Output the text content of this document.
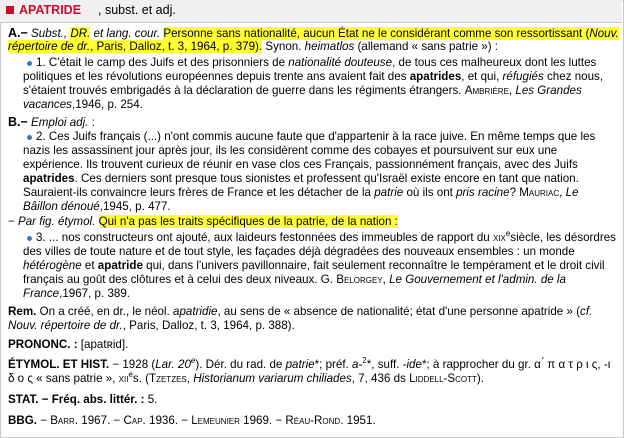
APATRIDE , subst. et adj.
A.− Subst., DR. et lang. cour. Personne sans nationalité, aucun État ne le considérant comme son ressortissant (Nouv.
répertoire de dr., Paris, Dalloz, t. 3, 1964, p. 379). Synon. heimatlos (allemand « sans patrie ») :
1. C'était le camp des Juifs et des prisonniers de nationalité douteuse, de tous ces malheureux dont les luttes
politiques et les révolutions européennes depuis trente ans avaient fait des apatrides, et qui, réfugiés chez nous,
s'étaient trouvés embrigadés à la déclaration de guerre dans les régiments étrangers. Ambrière, Les Grandes
vacances,1946, p. 254.
B.− Emploi adj. :
2. Ces Juifs français (...) n'ont commis aucune faute que d'appartenir à la race juive. En même temps que les
nazis les assassinent jour après jour, ils les considèrent comme des cobayes et poursuivent sur eux une
expérience. Ils trouvent curieux de réunir en vase clos ces Français, passionnément français, avec des Juifs
apatrides. Ces derniers sont presque tous sionistes et professent qu'Israël existe encore en tant que nation.
Sauraient-ils convaincre leurs frères de France et les détacher de la patrie où ils ont pris racine? Mauriac, Le
Bâillon dénoué,1945, p. 477.
− Par fig. étymol. Qui n'a pas les traits spécifiques de la patrie, de la nation :
3. ... nos constructeurs ont ajouté, aux laideurs festonnées des immeubles de rapport du xix$^e$siècle, les désordres
des villes de toute nature et de tout style, les façades déjà dégradées des nouveaux ensembles : un monde
hétérogène et apatride qui, dans l'univers pavillonnaire, fait seulement reconnaître le tempérament et le droit civil
français au goût des clôtures et à celui des deux niveaux. G. Belorgey, Le Gouvernement et l'admin. de la
France,1967, p. 389.
Rem. On a créé, en dr., le néol. apatridie, au sens de « absence de nationalité; état d'une personne apatride » (cf.
Nouv. répertoire de dr., Paris, Dalloz, t. 3, 1964, p. 388).
PRONONC. : [apatʀid].
ÉTYMOL. ET HIST. − 1928 (Lar. 20e). Dér. du rad. de patrie*; préf. a-$^2$*, suff. -ide*; à rapprocher du gr. α ́ π α τ ρ ι ς, -ι
δ ο ς « sans patrie », xii$^e$s. (Tzetzes, Historianum variarum chiliades, 7, 436 ds Liddell-Scott).
STAT. − Fréq. abs. littér. : 5.
BBG. − Barr. 1967. − Cap. 1936. − Lemeunier 1969. − Réau-Rond. 1951.
